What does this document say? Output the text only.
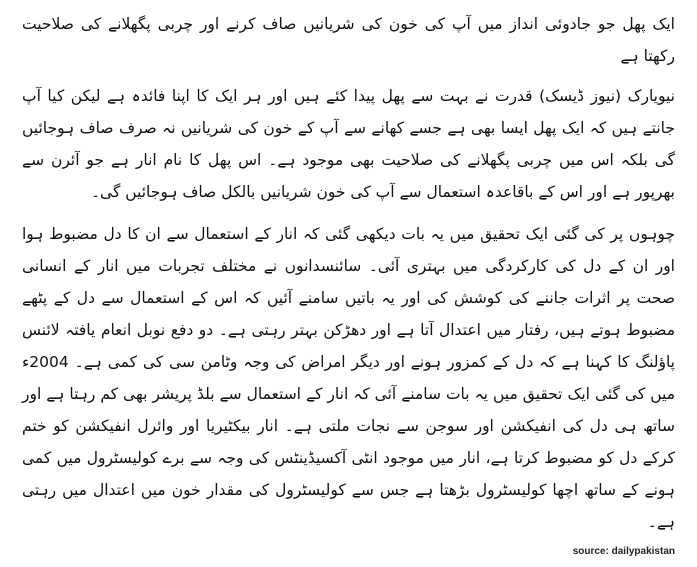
ایک پھل جو جادوئی انداز میں آپ کی خون کی شریانیں صاف کرنے اور چربی پگھلانے کی صلاحیت رکھتا ہے

نیویارک (نیوز ڈیسک) قدرت نے بہت سے پھل پیدا کئے ہیں اور ہر ایک کا اپنا فائدہ ہے لیکن کیا آپ جانتے ہیں کہ ایک پھل ایسا بھی ہے جسے کھانے سے آپ کے خون کی شریانیں نہ صرف صاف ہوجائیں گی بلکہ اس میں چربی پگھلانے کی صلاحیت بھی موجود ہے۔ اس پھل کا نام انار ہے جو آئرن سے بھرپور ہے اور اس کے باقاعدہ استعمال سے آپ کی خون شریانیں بالکل صاف ہوجائیں گی۔

چوہوں پر کی گئی ایک تحقیق میں یہ بات دیکھی گئی کہ انار کے استعمال سے ان کا دل مضبوط ہوا اور ان کے دل کی کارکردگی میں بہتری آئی۔ سائنسدانوں نے مختلف تجربات میں انار کے انسانی صحت پر اثرات جاننے کی کوشش کی اور یہ باتیں سامنے آئیں کہ اس کے استعمال سے دل کے پٹھے مضبوط ہوتے ہیں، رفتار میں اعتدال آتا ہے اور دھڑکن بہتر رہتی ہے۔ دو دفع نوبل انعام یافتہ لائنس پاؤلنگ کا کہنا ہے کہ دل کے کمزور ہونے اور دیگر امراض کی وجہ وٹامن سی کی کمی ہے۔ 2004ء میں کی گئی ایک تحقیق میں یہ بات سامنے آئی کہ انار کے استعمال سے بلڈ پریشر بھی کم رہتا ہے اور ساتھ ہی دل کی انفیکشن اور سوجن سے نجات ملتی ہے۔ انار بیکٹیریا اور وائرل انفیکشن کو ختم کرکے دل کو مضبوط کرتا ہے، انار میں موجود انٹی آکسیڈینٹس کی وجہ سے برے کولیسٹرول میں کمی ہونے کے ساتھ اچھا کولیسٹرول بڑھتا ہے جس سے کولیسٹرول کی مقدار خون میں اعتدال میں رہتی ہے۔

source: dailypakistan
